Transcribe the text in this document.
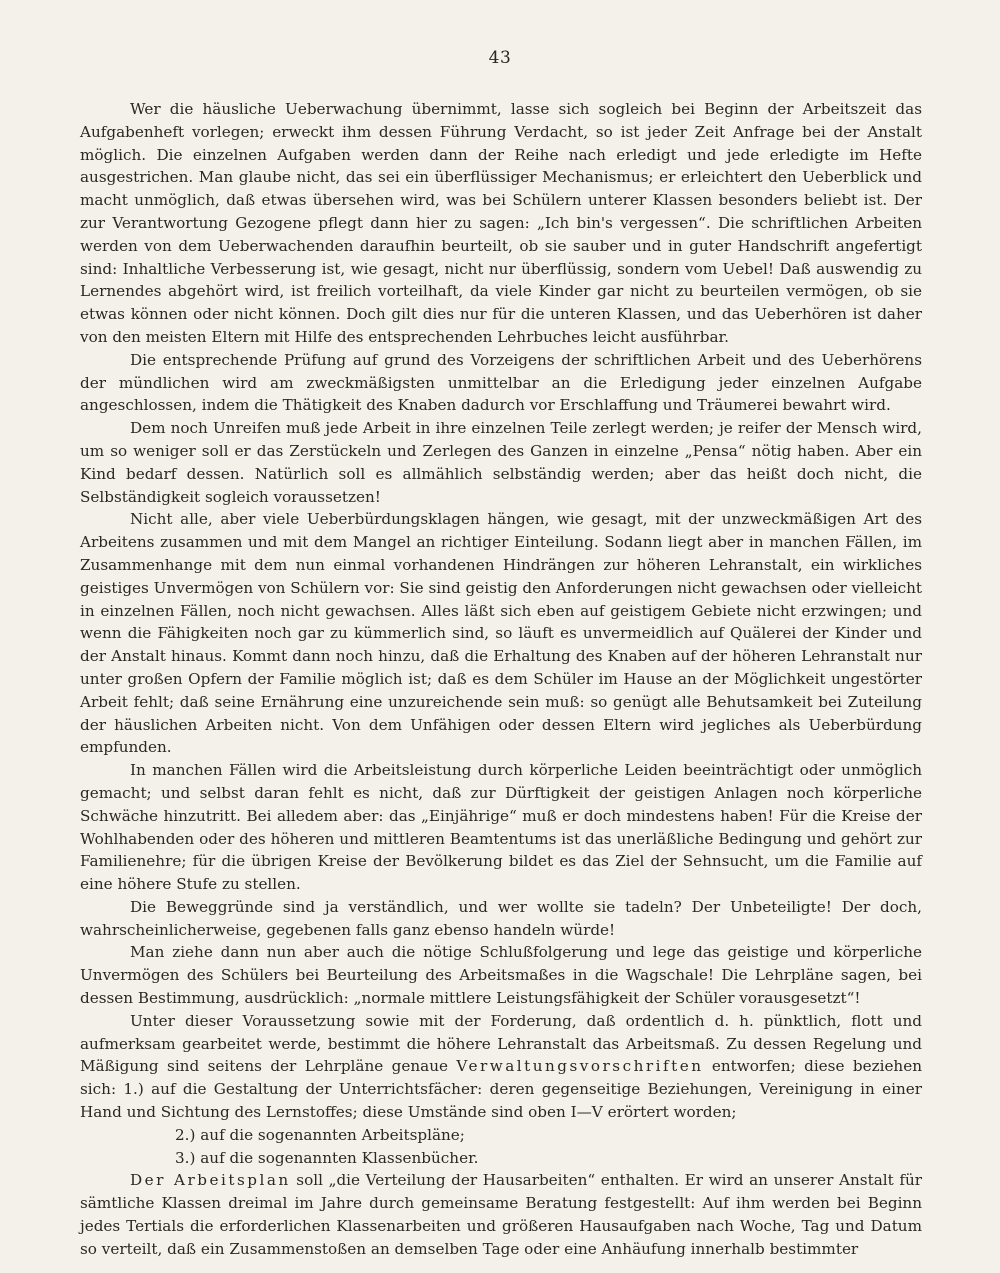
43

Wer die häusliche Ueberwachung übernimmt, lasse sich sogleich bei Beginn der Arbeitszeit das Aufgabenheft vorlegen; erweckt ihm dessen Führung Verdacht, so ist jeder Zeit Anfrage bei der Anstalt möglich. Die einzelnen Aufgaben werden dann der Reihe nach erledigt und jede erledigte im Hefte ausgestrichen. Man glaube nicht, das sei ein überflüssiger Mechanismus; er erleichtert den Ueberblick und macht unmöglich, daß etwas übersehen wird, was bei Schülern unterer Klassen besonders beliebt ist. Der zur Verantwortung Gezogene pflegt dann hier zu sagen: „Ich bin's vergessen“. Die schriftlichen Arbeiten werden von dem Ueberwachenden daraufhin beurteilt, ob sie sauber und in guter Handschrift angefertigt sind: Inhaltliche Verbesserung ist, wie gesagt, nicht nur überflüssig, sondern vom Uebel! Daß auswendig zu Lernendes abgehört wird, ist freilich vorteilhaft, da viele Kinder gar nicht zu beurteilen vermögen, ob sie etwas können oder nicht können. Doch gilt dies nur für die unteren Klassen, und das Ueberhören ist daher von den meisten Eltern mit Hilfe des entsprechenden Lehrbuches leicht ausführbar.

Die entsprechende Prüfung auf grund des Vorzeigens der schriftlichen Arbeit und des Ueberhörens der mündlichen wird am zweckmäßigsten unmittelbar an die Erledigung jeder einzelnen Aufgabe angeschlossen, indem die Thätigkeit des Knaben dadurch vor Erschlaffung und Träumerei bewahrt wird.

Dem noch Unreifen muß jede Arbeit in ihre einzelnen Teile zerlegt werden; je reifer der Mensch wird, um so weniger soll er das Zerstückeln und Zerlegen des Ganzen in einzelne „Pensa“ nötig haben. Aber ein Kind bedarf dessen. Natürlich soll es allmählich selbständig werden; aber das heißt doch nicht, die Selbständigkeit sogleich voraussetzen!

Nicht alle, aber viele Ueberbürdungsklagen hängen, wie gesagt, mit der unzweckmäßigen Art des Arbeitens zusammen und mit dem Mangel an richtiger Einteilung. Sodann liegt aber in manchen Fällen, im Zusammenhange mit dem nun einmal vorhandenen Hindrängen zur höheren Lehranstalt, ein wirkliches geistiges Unvermögen von Schülern vor: Sie sind geistig den Anforderungen nicht gewachsen oder vielleicht in einzelnen Fällen, noch nicht gewachsen. Alles läßt sich eben auf geistigem Gebiete nicht erzwingen; und wenn die Fähigkeiten noch gar zu kümmerlich sind, so läuft es unvermeidlich auf Quälerei der Kinder und der Anstalt hinaus. Kommt dann noch hinzu, daß die Erhaltung des Knaben auf der höheren Lehranstalt nur unter großen Opfern der Familie möglich ist; daß es dem Schüler im Hause an der Möglichkeit ungestörter Arbeit fehlt; daß seine Ernährung eine unzureichende sein muß: so genügt alle Behutsamkeit bei Zuteilung der häuslichen Arbeiten nicht. Von dem Unfähigen oder dessen Eltern wird jegliches als Ueberbürdung empfunden.

In manchen Fällen wird die Arbeitsleistung durch körperliche Leiden beeinträchtigt oder unmöglich gemacht; und selbst daran fehlt es nicht, daß zur Dürftigkeit der geistigen Anlagen noch körperliche Schwäche hinzutritt. Bei alledem aber: das „Einjährige“ muß er doch mindestens haben! Für die Kreise der Wohlhabenden oder des höheren und mittleren Beamtentums ist das unerläßliche Bedingung und gehört zur Familienehre; für die übrigen Kreise der Bevölkerung bildet es das Ziel der Sehnsucht, um die Familie auf eine höhere Stufe zu stellen.

Die Beweggründe sind ja verständlich, und wer wollte sie tadeln? Der Unbeteiligte! Der doch, wahrscheinlicherweise, gegebenen falls ganz ebenso handeln würde!

Man ziehe dann nun aber auch die nötige Schlußfolgerung und lege das geistige und körperliche Unvermögen des Schülers bei Beurteilung des Arbeitsmaßes in die Wagschale! Die Lehrpläne sagen, bei dessen Bestimmung, ausdrücklich: „normale mittlere Leistungsfähigkeit der Schüler vorausgesetzt“!

Unter dieser Voraussetzung sowie mit der Forderung, daß ordentlich d. h. pünktlich, flott und aufmerksam gearbeitet werde, bestimmt die höhere Lehranstalt das Arbeitsmaß. Zu dessen Regelung und Mäßigung sind seitens der Lehrpläne genaue Verwaltungsvorschriften entworfen; diese beziehen sich: 1.) auf die Gestaltung der Unterrichtsfächer: deren gegenseitige Beziehungen, Vereinigung in einer Hand und Sichtung des Lernstoffes; diese Umstände sind oben I—V erörtert worden;

2.) auf die sogenannten Arbeitspläne;

3.) auf die sogenannten Klassenbücher.

Der Arbeitsplan soll „die Verteilung der Hausarbeiten“ enthalten. Er wird an unserer Anstalt für sämtliche Klassen dreimal im Jahre durch gemeinsame Beratung festgestellt: Auf ihm werden bei Beginn jedes Tertials die erforderlichen Klassenarbeiten und größeren Hausaufgaben nach Woche, Tag und Datum so verteilt, daß ein Zusammenstoßen an demselben Tage oder eine Anhäufung innerhalb bestimmter
